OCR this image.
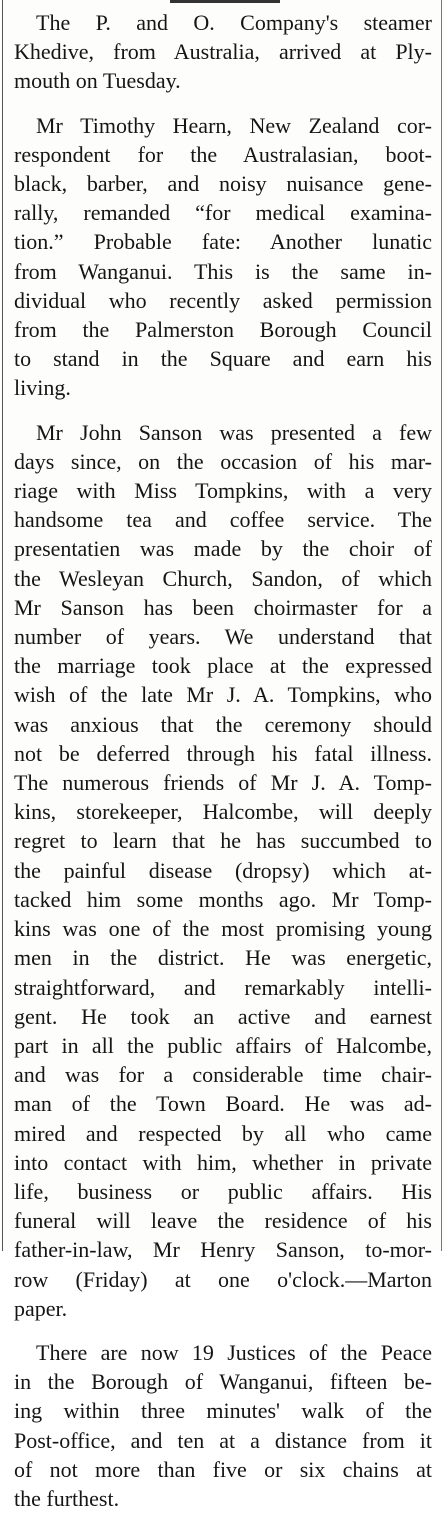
The P. and O. Company's steamer
Khedive, from Australia, arrived at Ply-
mouth on Tuesday.
Mr Timothy Hearn, New Zealand cor-
respondent for the Australasian, boot-
black, barber, and noisy nuisance gene-
rally, remanded “for medical examina-
tion.” Probable fate: Another lunatic
from Wanganui. This is the same in-
dividual who recently asked permission
from the Palmerston Borough Council
to stand in the Square and earn his
living.
Mr John Sanson was presented a few
days since, on the occasion of his mar-
riage with Miss Tompkins, with a very
handsome tea and coffee service. The
presentatien was made by the choir of
the Wesleyan Church, Sandon, of which
Mr Sanson has been choirmaster for a
number of years. We understand that
the marriage took place at the expressed
wish of the late Mr J. A. Tompkins, who
was anxious that the ceremony should
not be deferred through his fatal illness.
The numerous friends of Mr J. A. Tomp-
kins, storekeeper, Halcombe, will deeply
regret to learn that he has succumbed to
the painful disease (dropsy) which at-
tacked him some months ago. Mr Tomp-
kins was one of the most promising young
men in the district. He was energetic,
straightforward, and remarkably intelli-
gent. He took an active and earnest
part in all the public affairs of Halcombe,
and was for a considerable time chair-
man of the Town Board. He was ad-
mired and respected by all who came
into contact with him, whether in private
life, business or public affairs. His
funeral will leave the residence of his
father-in-law, Mr Henry Sanson, to-mor-
row (Friday) at one o'clock.—Marton
paper.
There are now 19 Justices of the Peace
in the Borough of Wanganui, fifteen be-
ing within three minutes' walk of the
Post-office, and ten at a distance from it
of not more than five or six chains at
the furthest.
